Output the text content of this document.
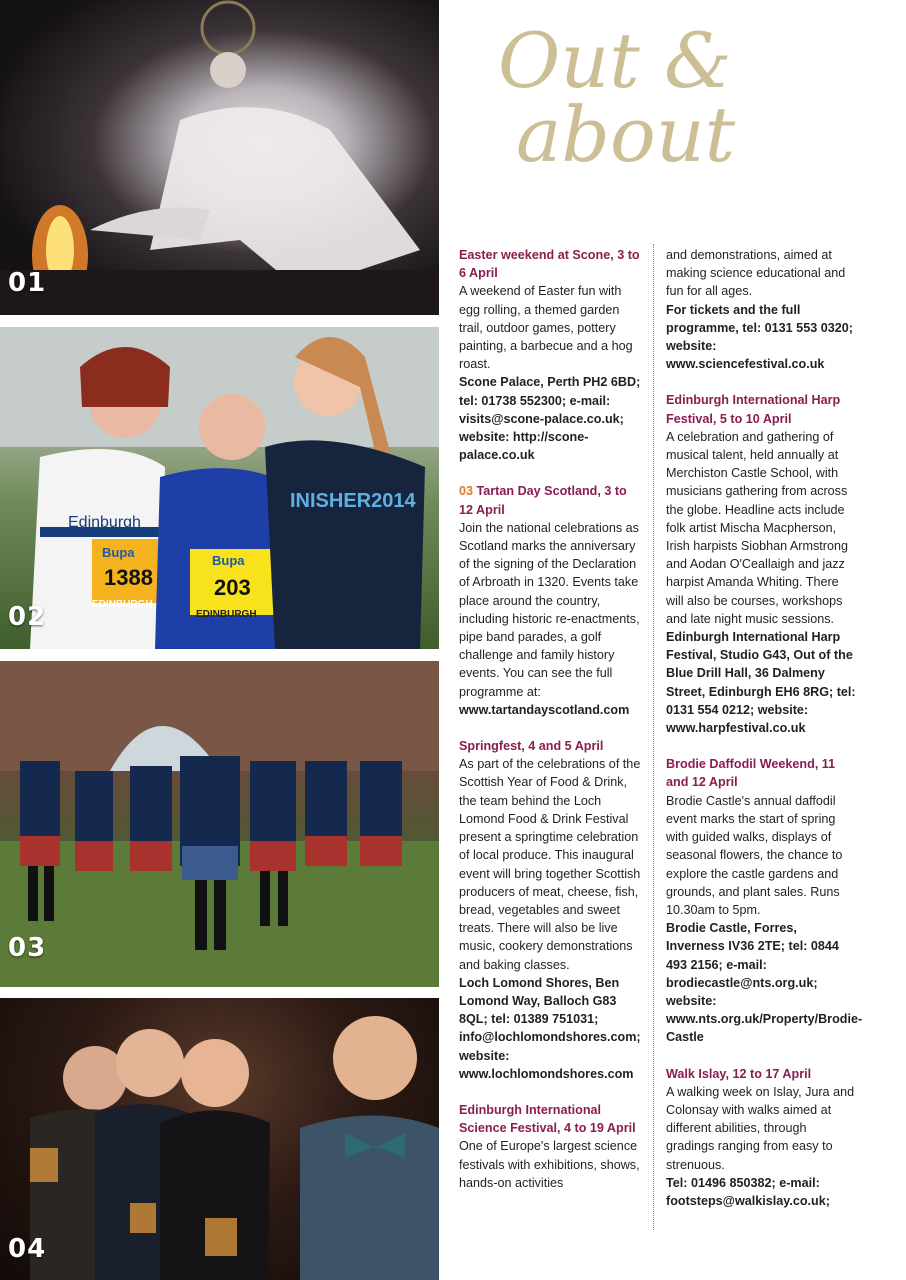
01
Edinburgh
Bupa
1388
EDINBURGH
Bupa
203
EDINBURGH
INISHER2014
02
03
04
Out &
about
Easter weekend at Scone, 3 to 6 April
A weekend of Easter fun with egg rolling, a themed garden trail, outdoor games, pottery painting, a barbecue and a hog roast.
Scone Palace, Perth PH2 6BD; tel: 01738 552300; e-mail: visits@scone-palace.co.uk; website: http://scone-palace.co.uk
03 Tartan Day Scotland, 3 to 12 April
Join the national celebrations as Scotland marks the anniversary of the signing of the Declaration of Arbroath in 1320. Events take place around the country, including historic re-enactments, pipe band parades, a golf challenge and family history events. You can see the full programme at:
www.tartandayscotland.com
Springfest, 4 and 5 April
As part of the celebrations of the Scottish Year of Food & Drink, the team behind the Loch Lomond Food & Drink Festival present a springtime celebration of local produce. This inaugural event will bring together Scottish producers of meat, cheese, fish, bread, vegetables and sweet treats. There will also be live music, cookery demonstrations and baking classes.
Loch Lomond Shores, Ben Lomond Way, Balloch G83 8QL; tel: 01389 751031; info@lochlomondshores.com; website: www.lochlomondshores.com
Edinburgh International Science Festival, 4 to 19 April
One of Europe's largest science festivals with exhibitions, shows, hands-on activities
and demonstrations, aimed at making science educational and fun for all ages.
For tickets and the full programme, tel: 0131 553 0320; website: www.sciencefestival.co.uk
Edinburgh International Harp Festival, 5 to 10 April
A celebration and gathering of musical talent, held annually at Merchiston Castle School, with musicians gathering from across the globe. Headline acts include folk artist Mischa Macpherson, Irish harpists Siobhan Armstrong and Aodan O'Ceallaigh and jazz harpist Amanda Whiting. There will also be courses, workshops and late night music sessions.
Edinburgh International Harp Festival, Studio G43, Out of the Blue Drill Hall, 36 Dalmeny Street, Edinburgh EH6 8RG; tel: 0131 554 0212; website: www.harpfestival.co.uk
Brodie Daffodil Weekend, 11 and 12 April
Brodie Castle's annual daffodil event marks the start of spring with guided walks, displays of seasonal flowers, the chance to explore the castle gardens and grounds, and plant sales. Runs 10.30am to 5pm.
Brodie Castle, Forres, Inverness IV36 2TE; tel: 0844 493 2156; e-mail: brodiecastle@nts.org.uk; website: www.nts.org.uk/Property/Brodie-Castle
Walk Islay, 12 to 17 April
A walking week on Islay, Jura and Colonsay with walks aimed at different abilities, through gradings ranging from easy to strenuous.
Tel: 01496 850382; e-mail: footsteps@walkislay.co.uk;
